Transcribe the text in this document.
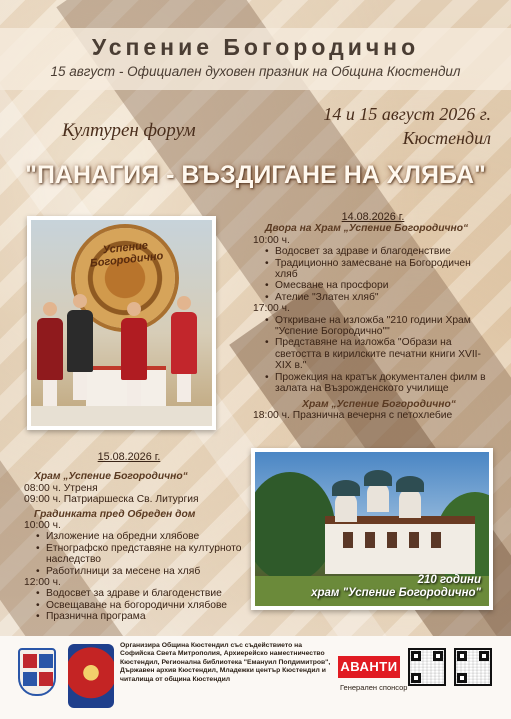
Успение Богородично
15 август - Официален духовен празник на Община Кюстендил
14 и 15 август 2026 г.
Кюстендил
Културен форум
"ПАНАГИЯ - ВЪЗДИГАНЕ НА ХЛЯБА"
Успение Богородично
14.08.2026 г.
Двора на Храм „Успение Богородично“
10:00 ч.
• Водосвет за здраве и благоденствие
• Традиционно замесване на Богородичен хляб
• Омесване на просфори
• Ателие "Златен хляб"
17:00 ч.
• Откриване на изложба "210 години Храм "Успение Богородично""
• Представяне на изложба "Образи на светостта в кирилските печатни книги XVII-XIX в."
• Прожекция на кратък документален филм в залата на Възрожденското училище
Храм „Успение Богородично“
18:00 ч. Празнична вечерня с петохлебие
15.08.2026 г.
Храм „Успение Богородично“
08:00 ч. Утреня
09:00 ч. Патриаршеска Св. Литургия
Градинката пред Обреден дом
10:00 ч.
• Изложение на обредни хлябове
• Етнографско представяне на културното наследство
• Работилници за месене на хляб
12:00 ч.
• Водосвет за здраве и благоденствие
• Освещаване на богородични хлябове
• Празнична програма
210 години
храм "Успение Богородично"
Организира Община Кюстендил със съдействието на Софийска Света Митрополия, Архиерейско наместничество Кюстендил, Регионална библиотека "Емануил Попдимитров", Държавен архив Кюстендил, Младежки център Кюстендил и читалища от община Кюстендил
АВАНТИ
Генерален спонсор
